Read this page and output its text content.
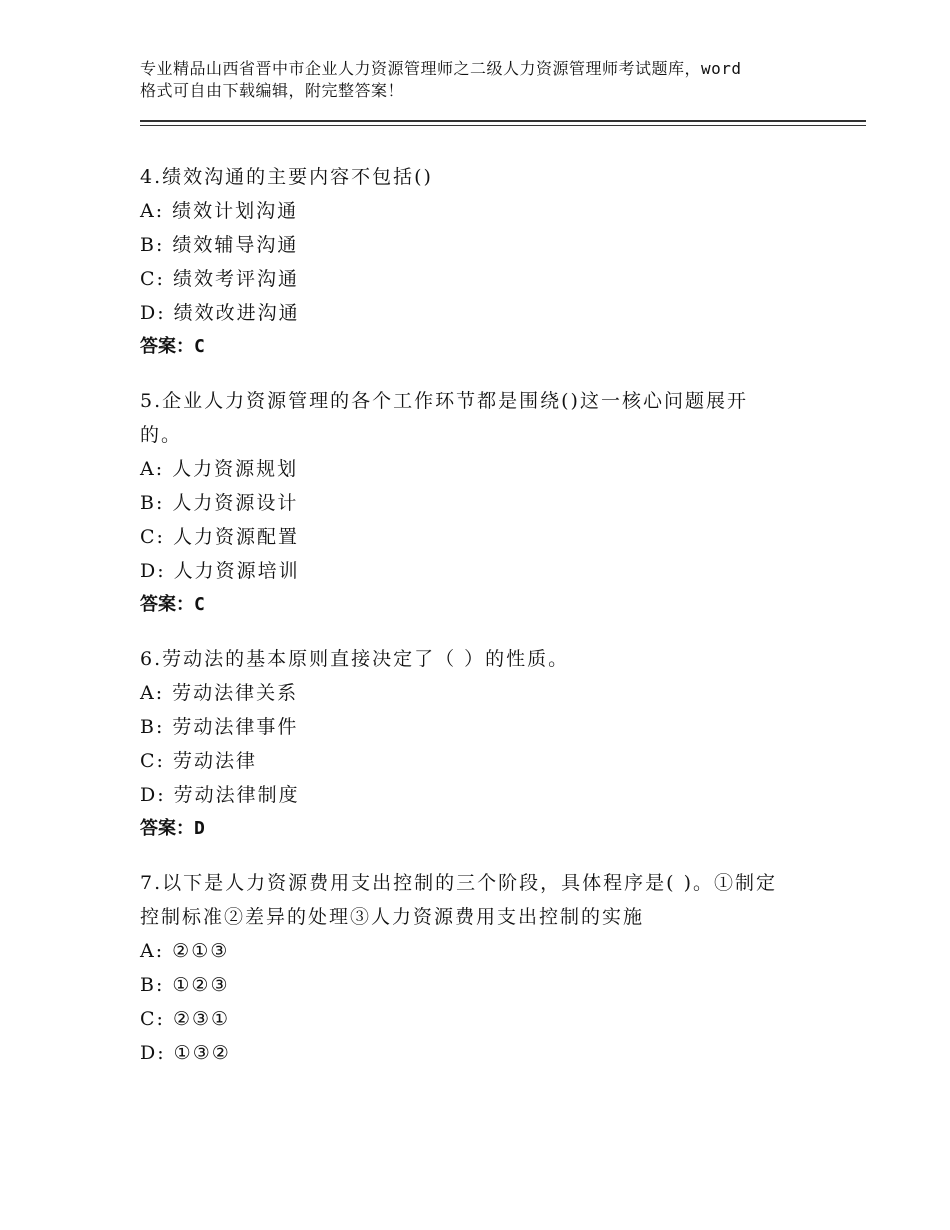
专业精品山西省晋中市企业人力资源管理师之二级人力资源管理师考试题库，word
格式可自由下载编辑，附完整答案！

4.绩效沟通的主要内容不包括()

A: 绩效计划沟通

B: 绩效辅导沟通

C: 绩效考评沟通

D: 绩效改进沟通

答案：C

5.企业人力资源管理的各个工作环节都是围绕()这一核心问题展开

的。

A: 人力资源规划

B: 人力资源设计

C: 人力资源配置

D: 人力资源培训

答案：C

6.劳动法的基本原则直接决定了（ ）的性质。

A: 劳动法律关系

B: 劳动法律事件

C: 劳动法律

D: 劳动法律制度

答案：D

7.以下是人力资源费用支出控制的三个阶段，具体程序是( )。①制定

控制标准②差异的处理③人力资源费用支出控制的实施

A: ②①③

B: ①②③

C: ②③①

D: ①③②
